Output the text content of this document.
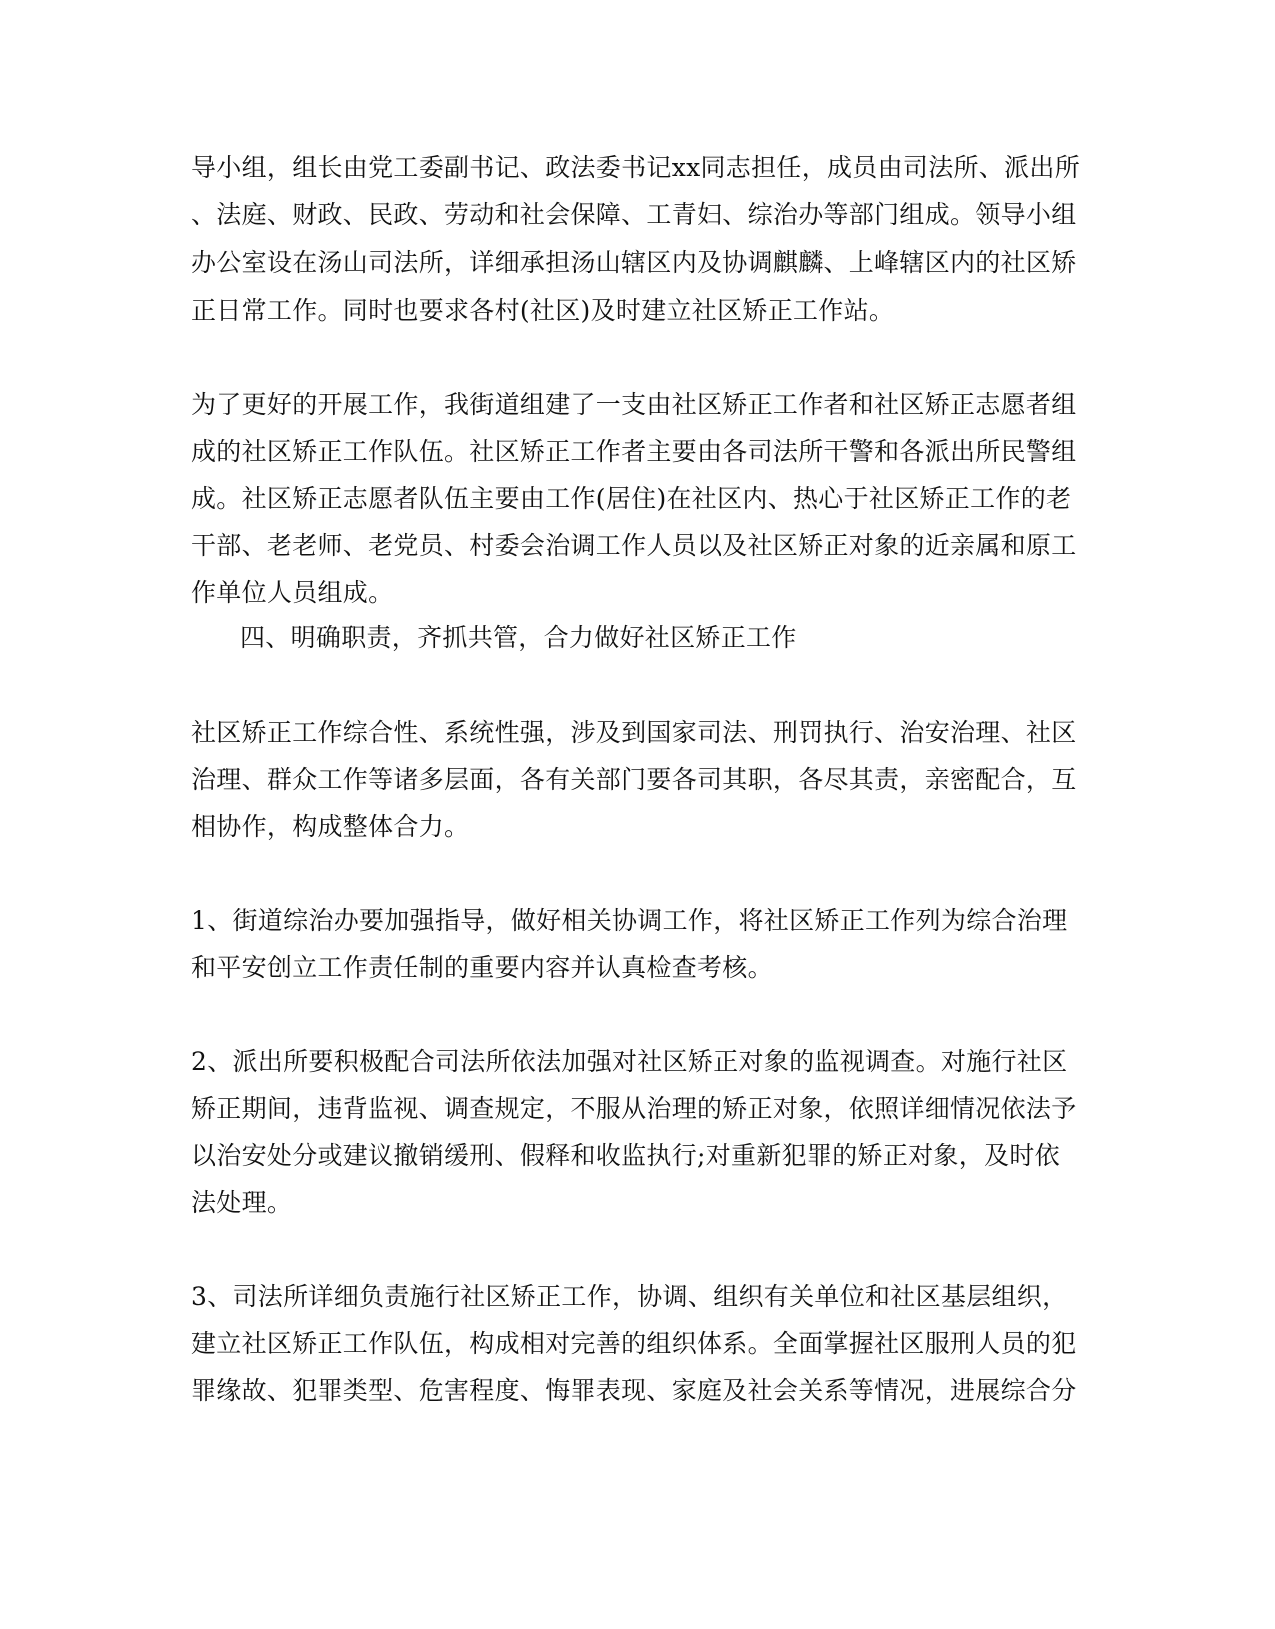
导小组，组长由党工委副书记、政法委书记xx同志担任，成员由司法所、派出所
、法庭、财政、民政、劳动和社会保障、工青妇、综治办等部门组成。领导小组
办公室设在汤山司法所，详细承担汤山辖区内及协调麒麟、上峰辖区内的社区矫
正日常工作。同时也要求各村(社区)及时建立社区矫正工作站。
为了更好的开展工作，我街道组建了一支由社区矫正工作者和社区矫正志愿者组
成的社区矫正工作队伍。社区矫正工作者主要由各司法所干警和各派出所民警组
成。社区矫正志愿者队伍主要由工作(居住)在社区内、热心于社区矫正工作的老
干部、老老师、老党员、村委会治调工作人员以及社区矫正对象的近亲属和原工
作单位人员组成。
四、明确职责，齐抓共管，合力做好社区矫正工作
社区矫正工作综合性、系统性强，涉及到国家司法、刑罚执行、治安治理、社区
治理、群众工作等诸多层面，各有关部门要各司其职，各尽其责，亲密配合，互
相协作，构成整体合力。
1、街道综治办要加强指导，做好相关协调工作，将社区矫正工作列为综合治理
和平安创立工作责任制的重要内容并认真检查考核。
2、派出所要积极配合司法所依法加强对社区矫正对象的监视调查。对施行社区
矫正期间，违背监视、调查规定，不服从治理的矫正对象，依照详细情况依法予
以治安处分或建议撤销缓刑、假释和收监执行;对重新犯罪的矫正对象，及时依
法处理。
3、司法所详细负责施行社区矫正工作，协调、组织有关单位和社区基层组织，
建立社区矫正工作队伍，构成相对完善的组织体系。全面掌握社区服刑人员的犯
罪缘故、犯罪类型、危害程度、悔罪表现、家庭及社会关系等情况，进展综合分
